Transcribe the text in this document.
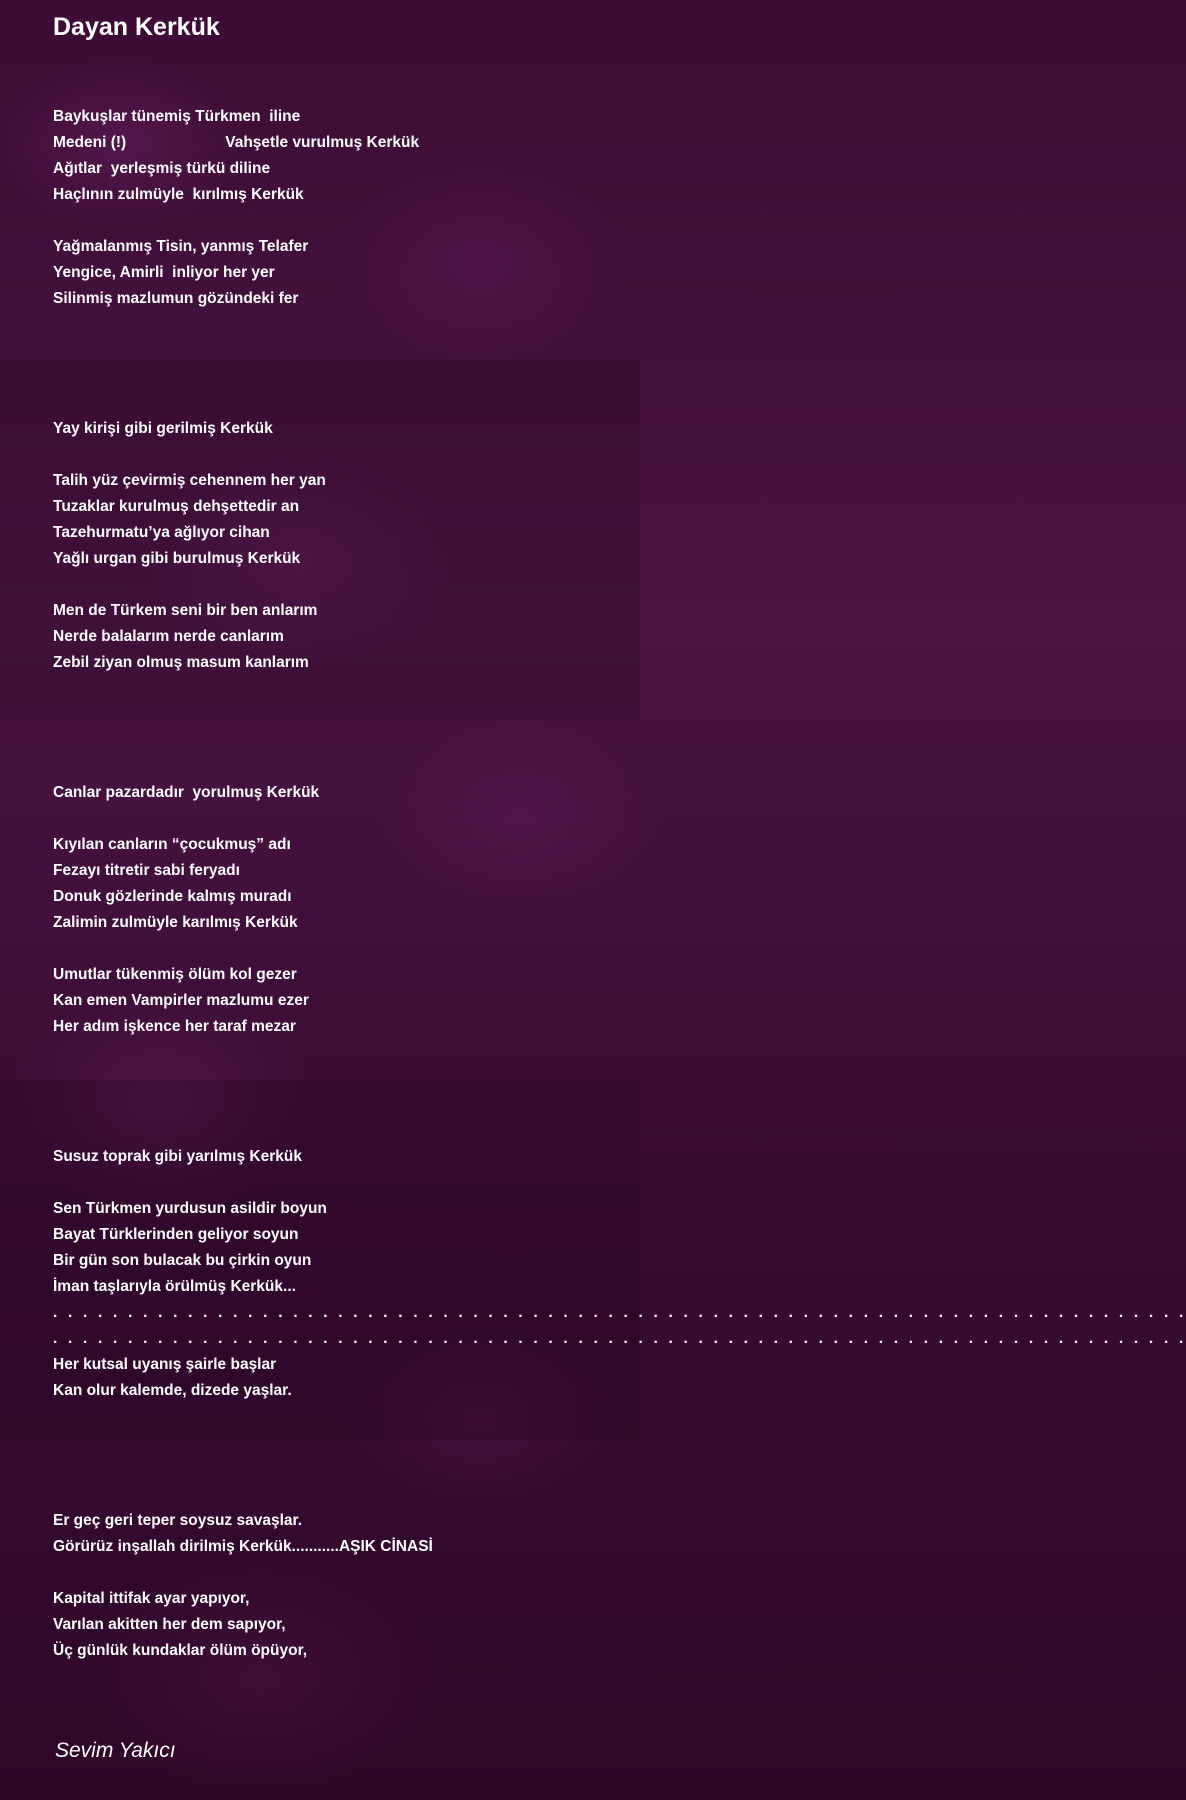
Dayan Kerkük
Baykuşlar tünemiş Türkmen  iline
Medeni (!)                       Vahşetle vurulmuş Kerkük
Ağıtlar  yerleşmiş türkü diline
Haçlının zulmüyle  kırılmış Kerkük
Yağmalanmış Tisin, yanmış Telafer
Yengice, Amirli  inliyor her yer
Silinmiş mazlumun gözündeki fer
Yay kirişi gibi gerilmiş Kerkük
Talih yüz çevirmiş cehennem her yan
Tuzaklar kurulmuş dehşettedir an
Tazehurmatu’ya ağlıyor cihan
Yağlı urgan gibi burulmuş Kerkük
Men de Türkem seni bir ben anlarım
Nerde balalarım nerde canlarım
Zebil ziyan olmuş masum kanlarım
Canlar pazardadır  yorulmuş Kerkük
Kıyılan canların “çocukmuş” adı
Fezayı titretir sabi feryadı
Donuk gözlerinde kalmış muradı
Zalimin zulmüyle karılmış Kerkük
Umutlar tükenmiş ölüm kol gezer
Kan emen Vampirler mazlumu ezer
Her adım işkence her taraf mezar
Susuz toprak gibi yarılmış Kerkük
Sen Türkmen yurdusun asildir boyun
Bayat Türklerinden geliyor soyun
Bir gün son bulacak bu çirkin oyun
İman taşlarıyla örülmüş Kerkük...
. . . . . . . . . . . . . . . . . . . . . . . . . . . . . . . . . . . . . . . . . . . . . . . . . . . . . . . . . . . . . . . . . . . . . . . . . . . .
. . . . . . . . . . . . . . . . . . . . . . . . . . . . . . . . . . . . . . . . . . . . . . . . . . . . . . . . . . . . . . . . . . . . . . . . . . . .
Her kutsal uyanış şairle başlar
Kan olur kalemde, dizede yaşlar.
Er geç geri teper soysuz savaşlar.
Görürüz inşallah dirilmiş Kerkük...........AŞIK CİNASİ
Kapital ittifak ayar yapıyor,
Varılan akitten her dem sapıyor,
Üç günlük kundaklar ölüm öpüyor,
Sevim Yakıcı
